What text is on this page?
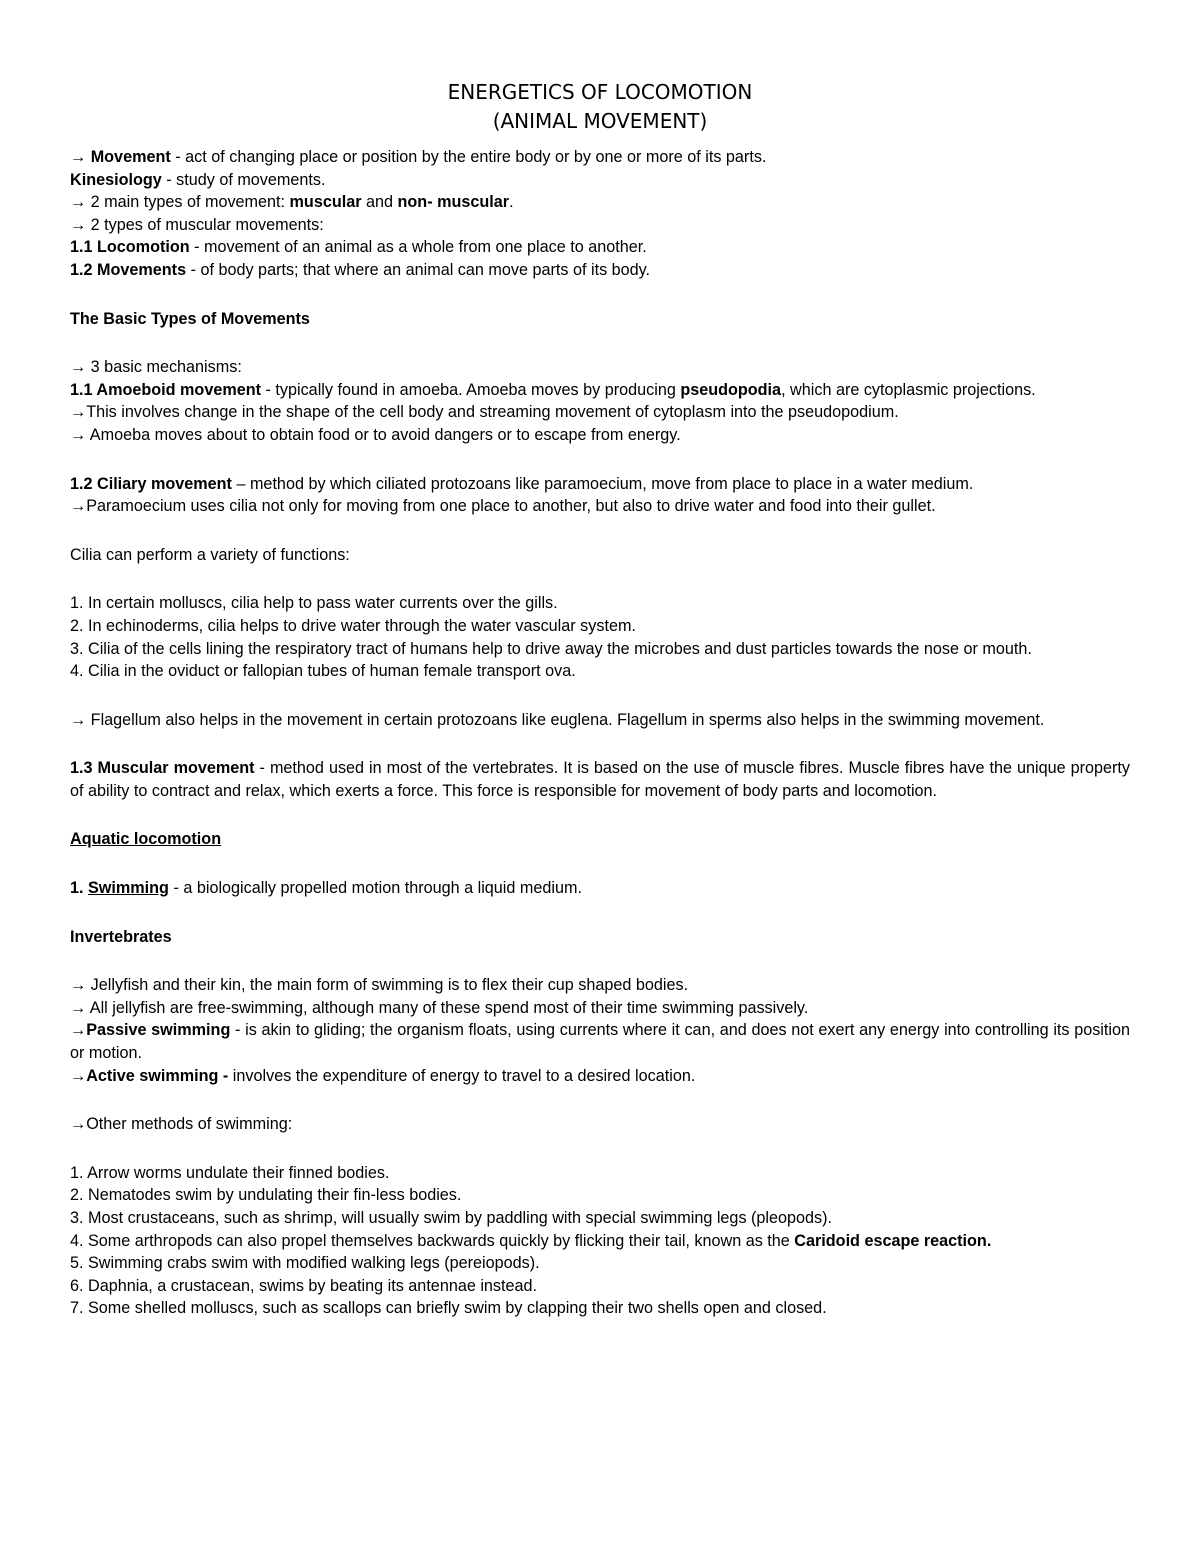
ENERGETICS OF LOCOMOTION

(ANIMAL MOVEMENT)

→ Movement - act of changing place or position by the entire body or by one or more of its parts.

Kinesiology - study of movements.

→ 2 main types of movement: muscular and non- muscular.

→ 2 types of muscular movements:

1.1 Locomotion - movement of an animal as a whole from one place to another.

1.2 Movements - of body parts; that where an animal can move parts of its body.

The Basic Types of Movements

→ 3 basic mechanisms:

1.1 Amoeboid movement - typically found in amoeba. Amoeba moves by producing pseudopodia, which are cytoplasmic projections.

→This involves change in the shape of the cell body and streaming movement of cytoplasm into the pseudopodium.

→ Amoeba moves about to obtain food or to avoid dangers or to escape from energy.

1.2 Ciliary movement – method by which ciliated protozoans like paramoecium, move from place to place in a water medium.

→Paramoecium uses cilia not only for moving from one place to another, but also to drive water and food into their gullet.

Cilia can perform a variety of functions:

1. In certain molluscs, cilia help to pass water currents over the gills.

2. In echinoderms, cilia helps to drive water through the water vascular system.

3. Cilia of the cells lining the respiratory tract of humans help to drive away the microbes and dust particles towards the nose or mouth.

4. Cilia in the oviduct or fallopian tubes of human female transport ova.

→ Flagellum also helps in the movement in certain protozoans like euglena. Flagellum in sperms also helps in the swimming movement.

1.3 Muscular movement - method used in most of the vertebrates. It is based on the use of muscle fibres. Muscle fibres have the unique property of ability to contract and relax, which exerts a force. This force is responsible for movement of body parts and locomotion.

Aquatic locomotion

1. Swimming - a biologically propelled motion through a liquid medium.

Invertebrates

→ Jellyfish and their kin, the main form of swimming is to flex their cup shaped bodies.

→ All jellyfish are free-swimming, although many of these spend most of their time swimming passively.

→Passive swimming - is akin to gliding; the organism floats, using currents where it can, and does not exert any energy into controlling its position or motion.

→Active swimming - involves the expenditure of energy to travel to a desired location.

→Other methods of swimming:

1. Arrow worms undulate their finned bodies.

2. Nematodes swim by undulating their fin-less bodies.

3. Most crustaceans, such as shrimp, will usually swim by paddling with special swimming legs (pleopods).

4. Some arthropods can also propel themselves backwards quickly by flicking their tail, known as the Caridoid escape reaction.

5. Swimming crabs swim with modified walking legs (pereiopods).

6. Daphnia, a crustacean, swims by beating its antennae instead.

7. Some shelled molluscs, such as scallops can briefly swim by clapping their two shells open and closed.
